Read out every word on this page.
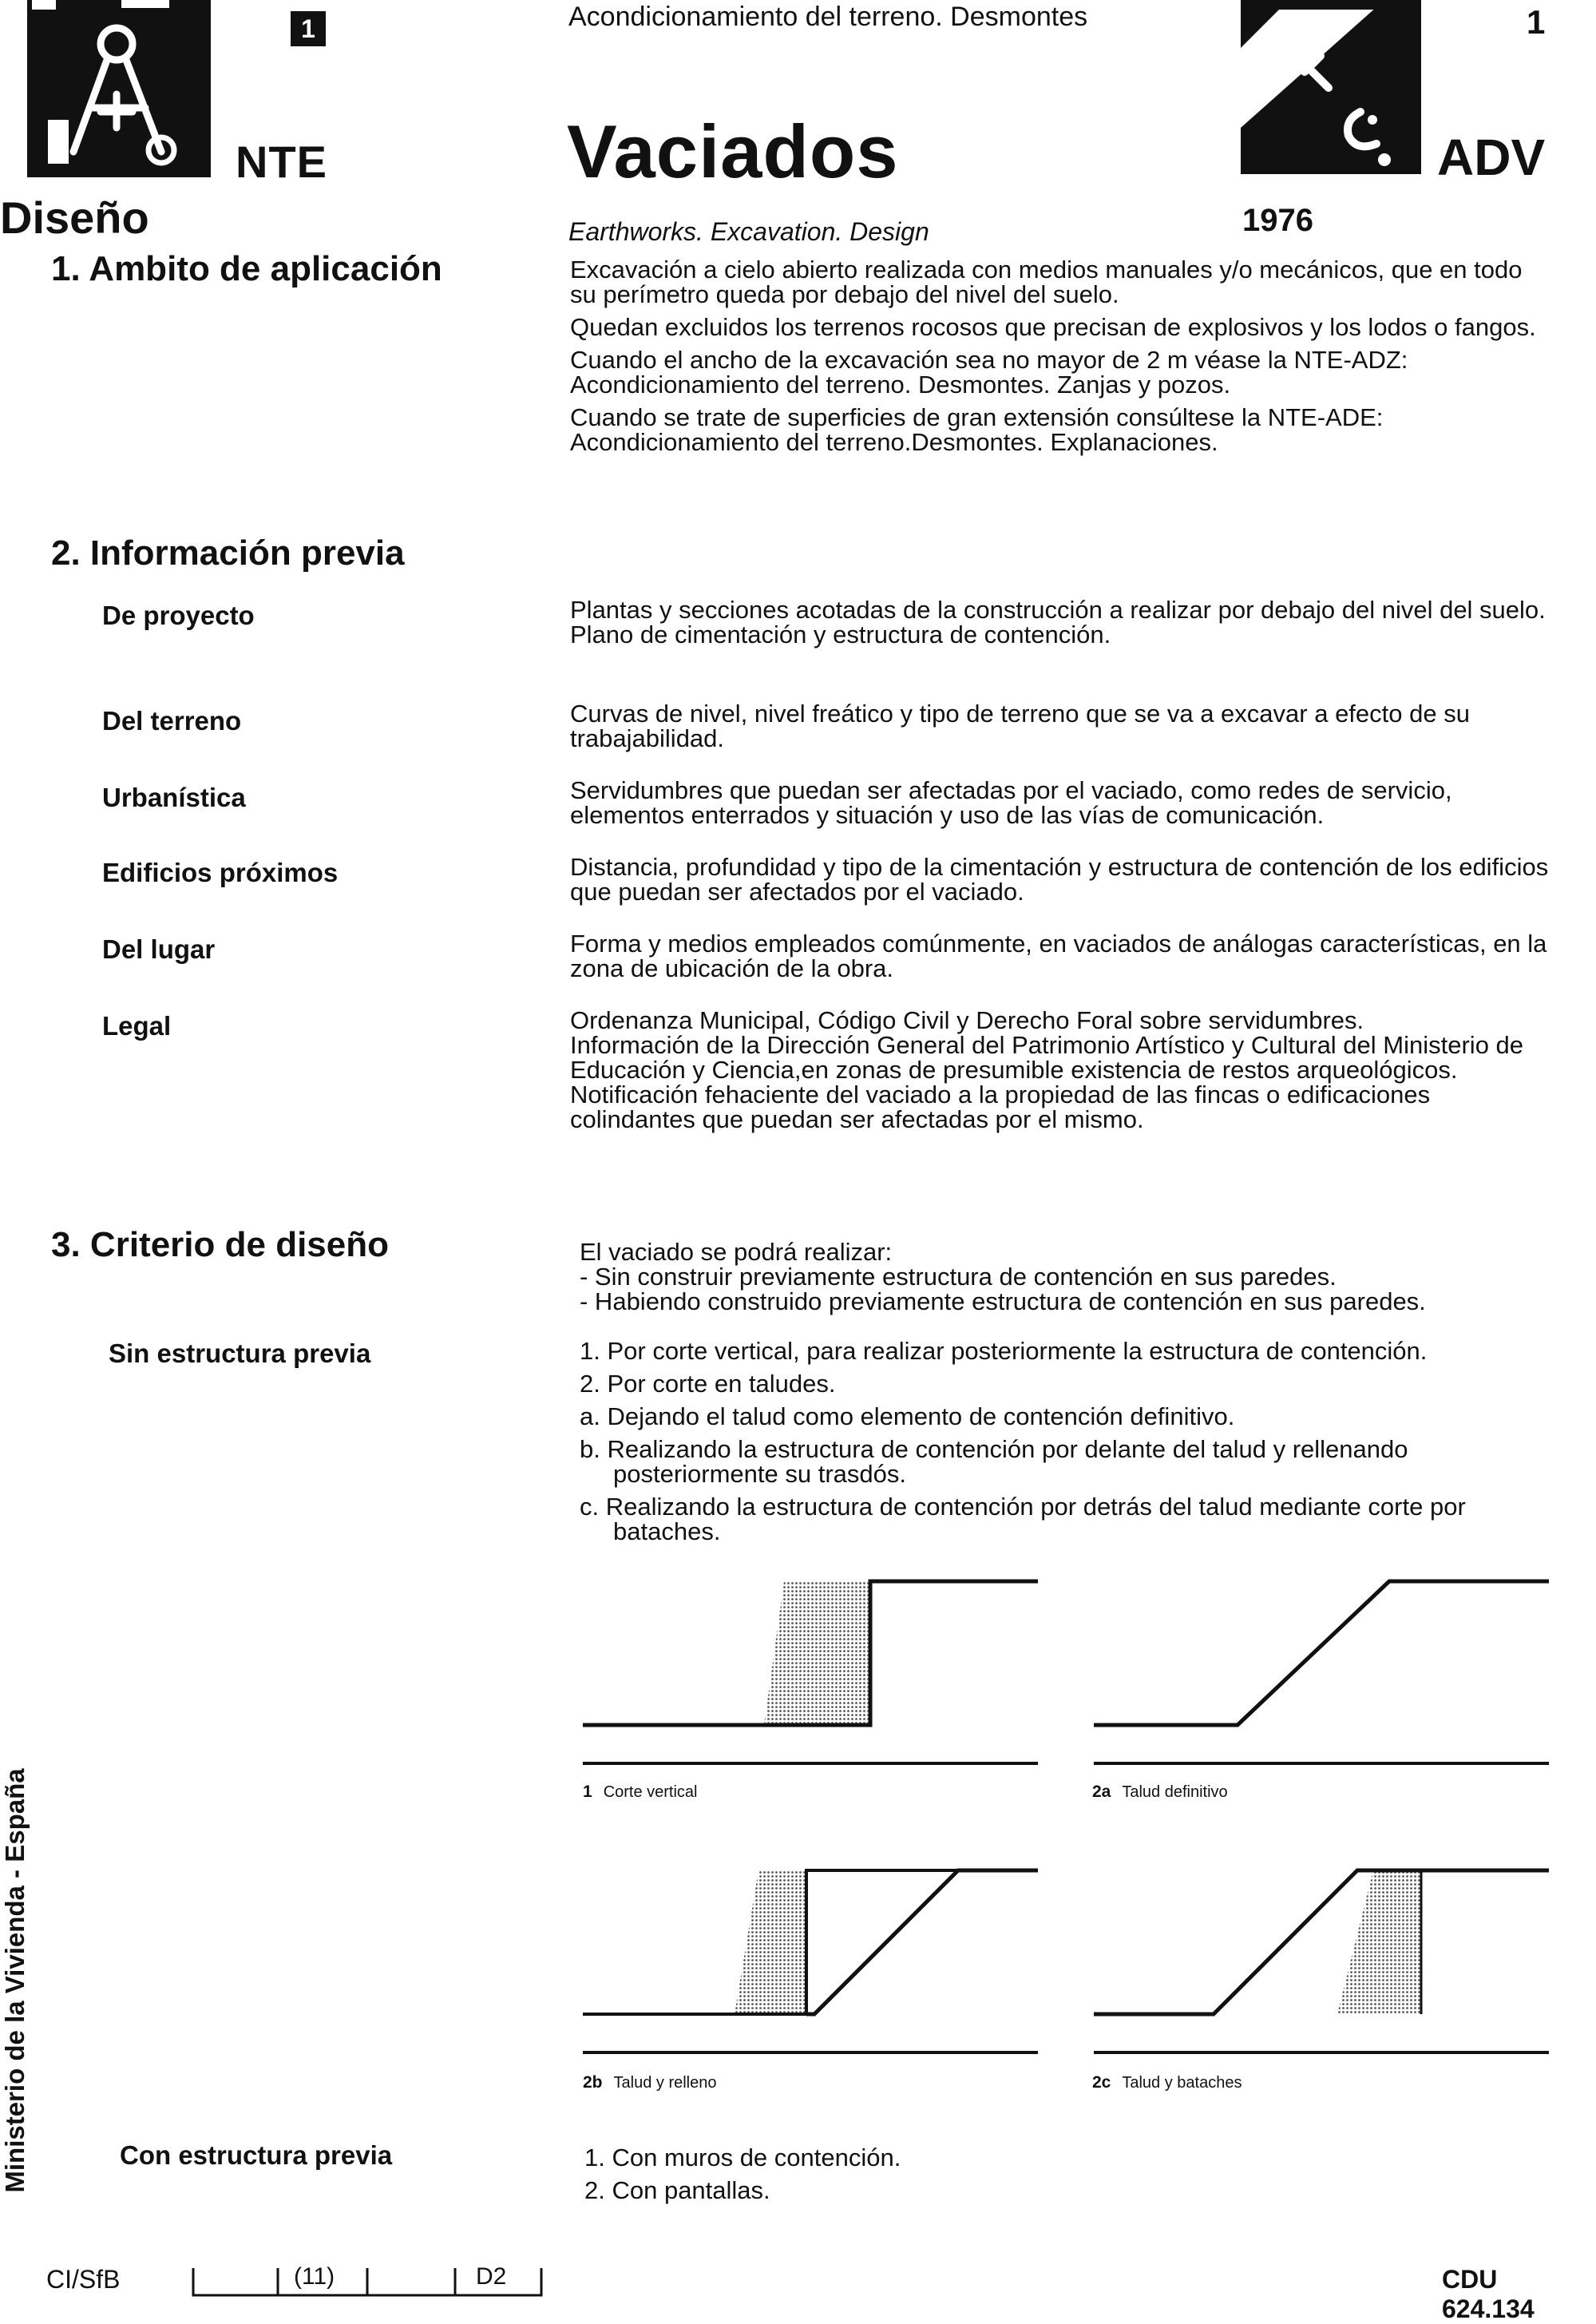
1
NTE
Acondicionamiento del terreno. Desmontes
Vaciados
Earthworks. Excavation. Design
1
ADV
1976
Diseño
1. Ambito de aplicación	Excavación a cielo abierto realizada con medios manuales y/o mecánicos, que en todo su perímetro queda por debajo del nivel del suelo.

Quedan excluidos los terrenos rocosos que precisan de explosivos y los lodos o fangos.

Cuando el ancho de la excavación sea no mayor de 2 m véase la NTE-ADZ: Acondicionamiento del terreno. Desmontes. Zanjas y pozos.

Cuando se trate de superficies de gran extensión consúltese la NTE-ADE: Acondicionamiento del terreno.Desmontes. Explanaciones.

2. Información previa
De proyecto	Plantas y secciones acotadas de la construcción a realizar por debajo del nivel del suelo.
Plano de cimentación y estructura de contención.
Del terreno	Curvas de nivel, nivel freático y tipo de terreno que se va a excavar a efecto de su trabajabilidad.
Urbanística	Servidumbres que puedan ser afectadas por el vaciado, como redes de servicio, elementos enterrados y situación y uso de las vías de comunicación.
Edificios próximos	Distancia, profundidad y tipo de la cimentación y estructura de contención de los edificios que puedan ser afectados por el vaciado.
Del lugar	Forma y medios empleados comúnmente, en vaciados de análogas características, en la zona de ubicación de la obra.
Legal	Ordenanza Municipal, Código Civil y Derecho Foral sobre servidumbres.
Información de la Dirección General del Patrimonio Artístico y Cultural del Ministerio de Educación y Ciencia,en zonas de presumible existencia de restos arqueológicos.
Notificación fehaciente del vaciado a la propiedad de las fincas o edificaciones colindantes que puedan ser afectadas por el mismo.
3. Criterio de diseño	El vaciado se podrá realizar:
- Sin construir previamente estructura de contención en sus paredes.
- Habiendo construido previamente estructura de contención en sus paredes.
Sin estructura previa	1. Por corte vertical, para realizar posteriormente la estructura de contención.

2. Por corte en taludes.

a. Dejando el talud como elemento de contención definitivo.

b. Realizando la estructura de contención por delante del talud y rellenando posteriormente su trasdós.

c. Realizando la estructura de contención por detrás del talud mediante corte por bataches.

1 Corte vertical	2a Talud definitivo
2b Talud y relleno	2c Talud y bataches
Con estructura previa	1. Con muros de contención.

2. Con pantallas.

Ministerio de la Vivienda - España
CI/SfB	(11)	D2	CDU 624.134
